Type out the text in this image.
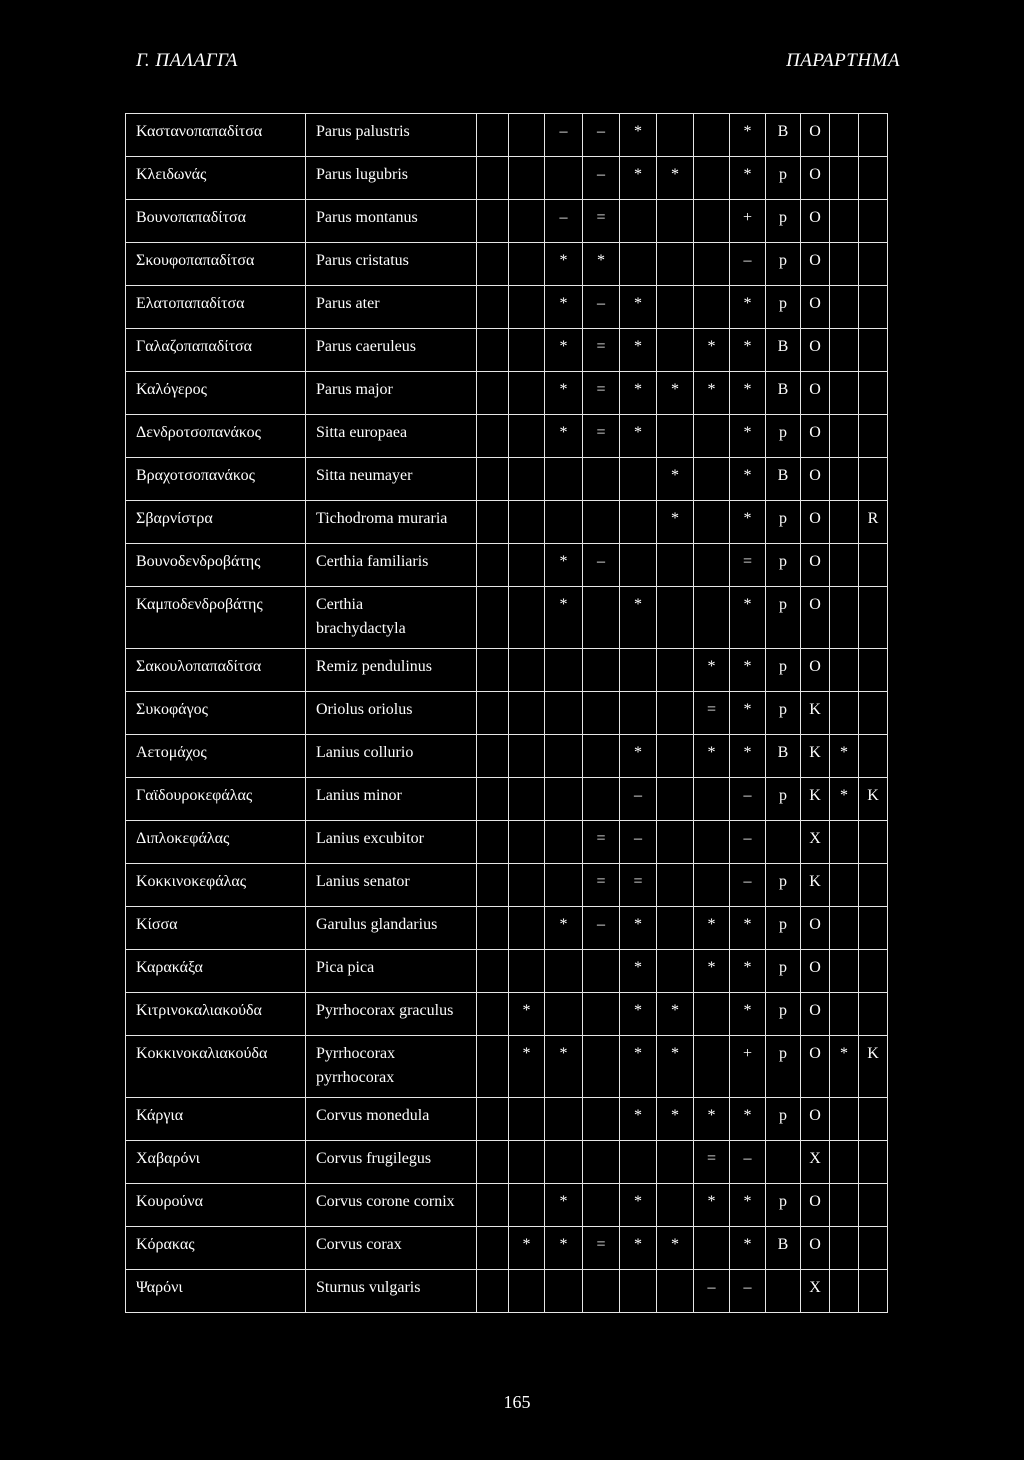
Γ. ΠΑΛΑΓΓΑ	ΠΑΡΑΡΤΗΜΑ
Καστανοπαπαδίτσα	Parus palustris			–	–	*			*	B	O		
Κλειδωνάς	Parus lugubris				–	*	*		*	p	O		
Βουνοπαπαδίτσα	Parus montanus			–	=				+	p	O		
Σκουφοπαπαδίτσα	Parus cristatus			*	*				–	p	O		
Ελατοπαπαδίτσα	Parus ater			*	–	*			*	p	O		
Γαλαζοπαπαδίτσα	Parus caeruleus			*	=	*		*	*	B	O		
Καλόγερος	Parus major			*	=	*	*	*	*	B	O		
Δενδροτσοπανάκος	Sitta europaea			*	=	*			*	p	O		
Βραχοτσοπανάκος	Sitta neumayer						*		*	B	O		
Σβαρνίστρα	Tichodroma muraria						*		*	p	O		R
Βουνοδενδροβάτης	Certhia familiaris			*	–				=	p	O		
Καμποδενδροβάτης	Certhia brachydactyla			*		*			*	p	O		
Σακουλοπαπαδίτσα	Remiz pendulinus							*	*	p	O		
Συκοφάγος	Oriolus oriolus							=	*	p	K		
Αετομάχος	Lanius collurio					*		*	*	B	K	*	
Γαϊδουροκεφάλας	Lanius minor					–			–	p	K	*	K
Διπλοκεφάλας	Lanius excubitor				=	–			–		X		
Κοκκινοκεφάλας	Lanius senator				=	=			–	p	K		
Κίσσα	Garulus glandarius			*	–	*		*	*	p	O		
Καρακάξα	Pica pica					*		*	*	p	O		
Κιτρινοκαλιακούδα	Pyrrhocorax graculus		*			*	*		*	p	O		
Κοκκινοκαλιακούδα	Pyrrhocorax pyrrhocorax		*	*		*	*		+	p	O	*	K
Κάργια	Corvus monedula					*	*	*	*	p	O		
Χαβαρόνι	Corvus frugilegus							=	–		X		
Κουρούνα	Corvus corone cornix			*		*		*	*	p	O		
Κόρακας	Corvus corax		*	*	=	*	*		*	B	O		
Ψαρόνι	Sturnus vulgaris							–	–		X		
165
